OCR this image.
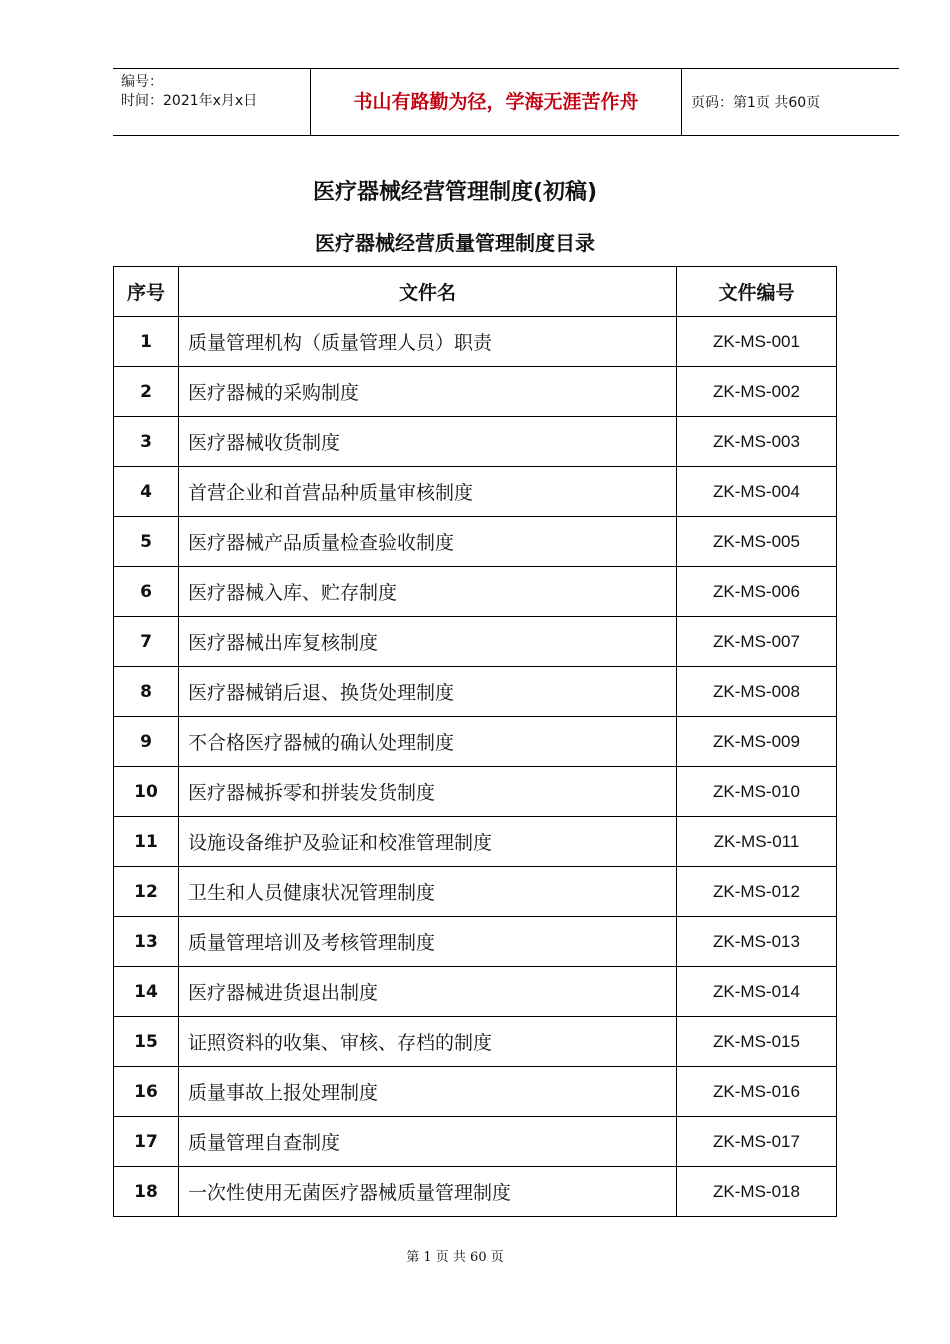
编号：
时间：2021年x月x日	书山有路勤为径，学海无涯苦作舟	页码：第1页 共60页
医疗器械经营管理制度(初稿)
医疗器械经营质量管理制度目录
序号	文件名	文件编号
1	质量管理机构（质量管理人员）职责	ZK-MS-001
2	医疗器械的采购制度	ZK-MS-002
3	医疗器械收货制度	ZK-MS-003
4	首营企业和首营品种质量审核制度	ZK-MS-004
5	医疗器械产品质量检查验收制度	ZK-MS-005
6	医疗器械入库、贮存制度	ZK-MS-006
7	医疗器械出库复核制度	ZK-MS-007
8	医疗器械销后退、换货处理制度	ZK-MS-008
9	不合格医疗器械的确认处理制度	ZK-MS-009
10	医疗器械拆零和拼装发货制度	ZK-MS-010
11	设施设备维护及验证和校准管理制度	ZK-MS-011
12	卫生和人员健康状况管理制度	ZK-MS-012
13	质量管理培训及考核管理制度	ZK-MS-013
14	医疗器械进货退出制度	ZK-MS-014
15	证照资料的收集、审核、存档的制度	ZK-MS-015
16	质量事故上报处理制度	ZK-MS-016
17	质量管理自查制度	ZK-MS-017
18	一次性使用无菌医疗器械质量管理制度	ZK-MS-018
第 1 页 共 60 页
